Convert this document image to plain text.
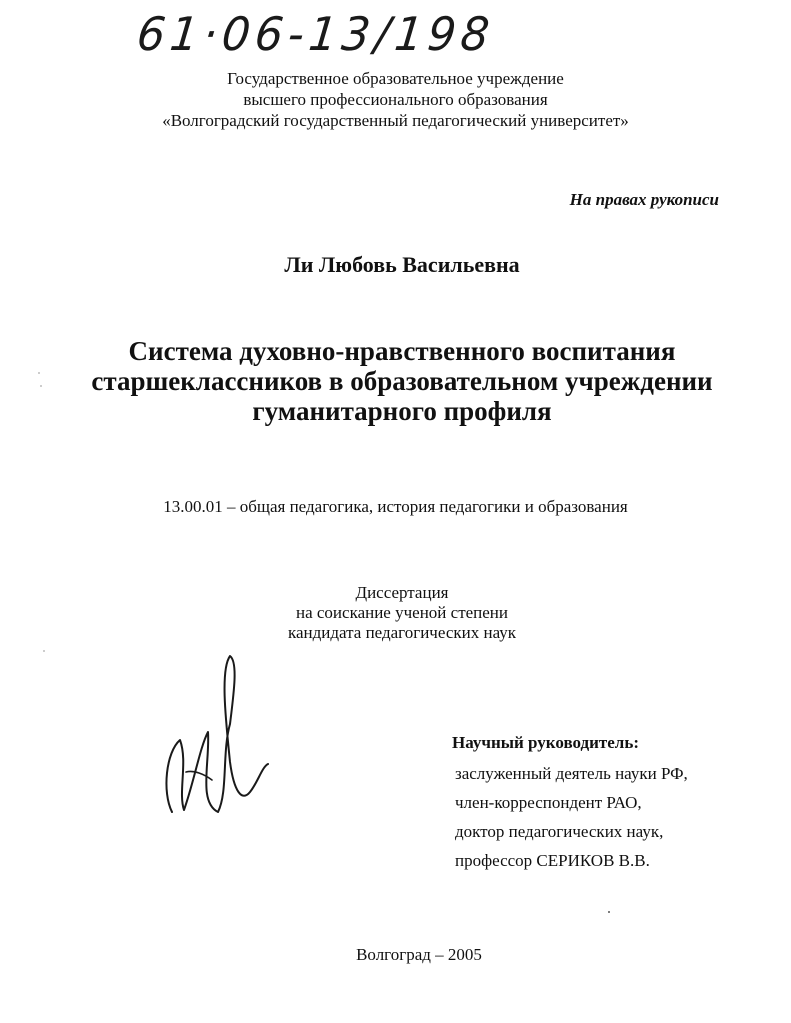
61·06-13/198
Государственное образовательное учреждение
высшего профессионального образования
«Волгоградский государственный педагогический университет»
На правах рукописи
Ли Любовь Васильевна
Система духовно-нравственного воспитания
старшеклассников в образовательном учреждении
гуманитарного профиля
13.00.01 – общая педагогика, история педагогики и образования
Диссертация
на соискание ученой степени
кандидата педагогических наук
Научный руководитель:
заслуженный деятель науки РФ,
член-корреспондент РАО,
доктор педагогических наук,
профессор СЕРИКОВ В.В.
Волгоград – 2005
